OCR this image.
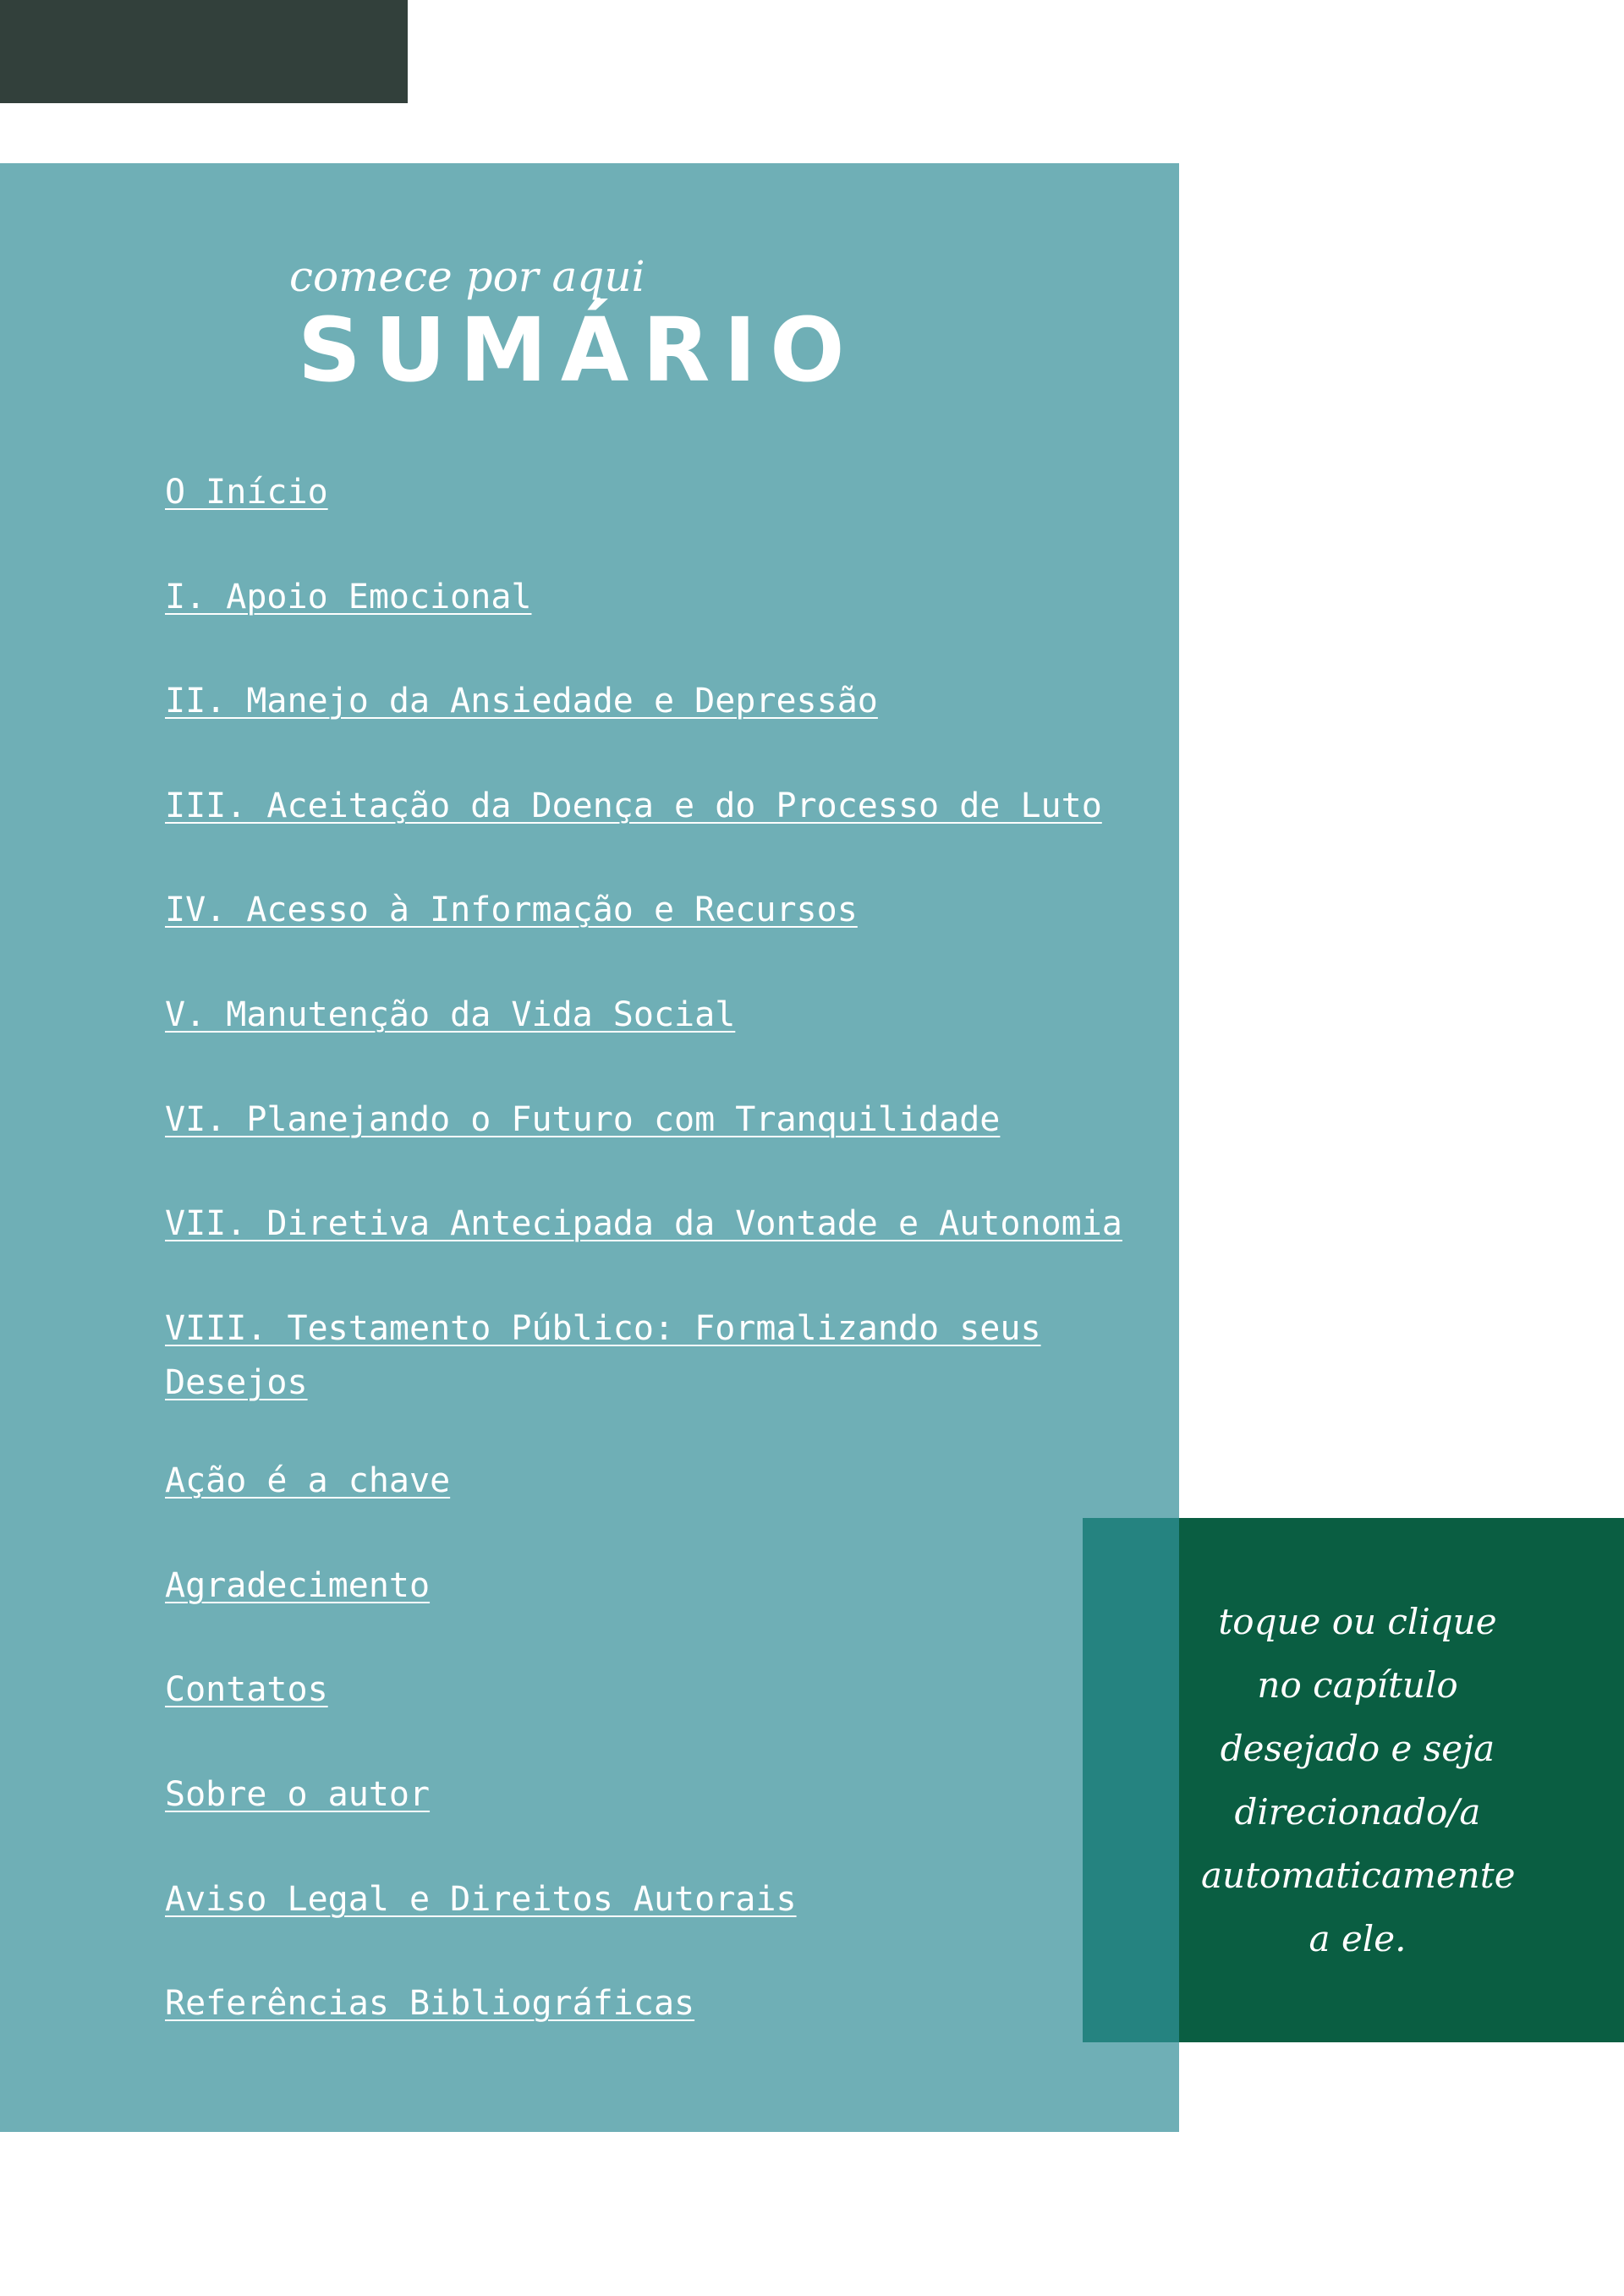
comece por aqui
SUMÁRIO
O Início
I. Apoio Emocional
II. Manejo da Ansiedade e Depressão
III. Aceitação da Doença e do Processo de Luto
IV. Acesso à Informação e Recursos
V. Manutenção da Vida Social
VI. Planejando o Futuro com Tranquilidade
VII. Diretiva Antecipada da Vontade e Autonomia
VIII. Testamento Público: Formalizando seus Desejos
Ação é a chave
Agradecimento
Contatos
Sobre o autor
Aviso Legal e Direitos Autorais
Referências Bibliográficas
toque ou clique no capítulo desejado e seja direcionado/a automaticamente a ele.
